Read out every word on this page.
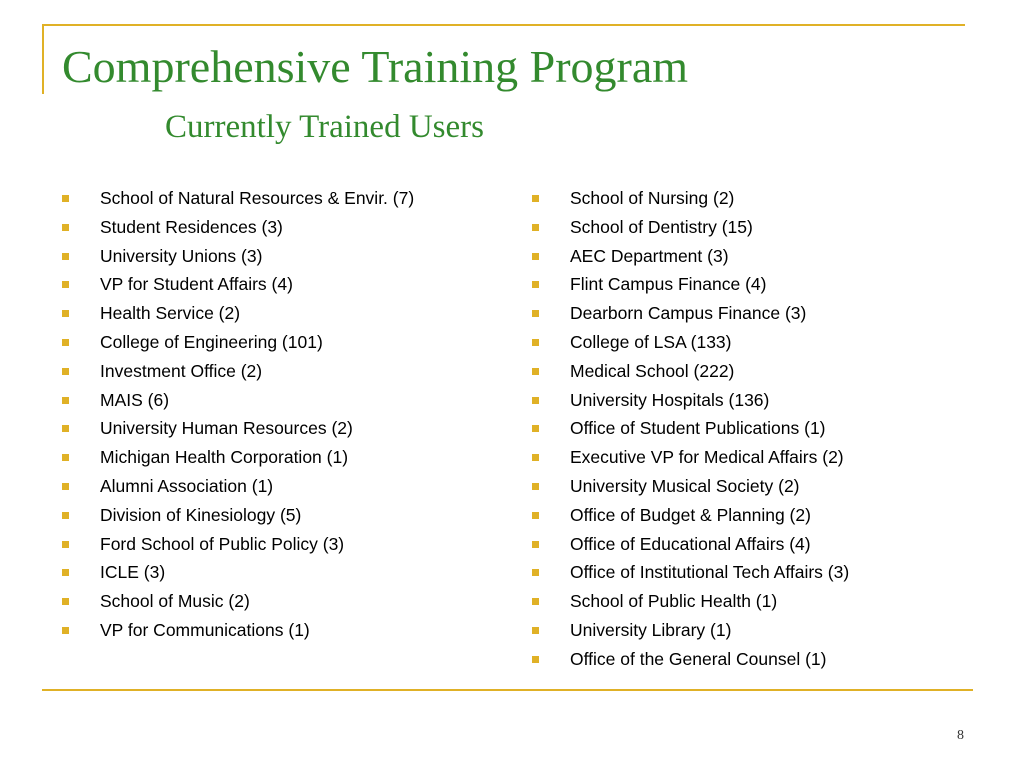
Comprehensive Training Program
Currently Trained Users
School of Natural Resources & Envir. (7)
Student Residences (3)
University Unions (3)
VP for Student Affairs (4)
Health Service (2)
College of Engineering (101)
Investment Office (2)
MAIS (6)
University Human Resources (2)
Michigan Health Corporation (1)
Alumni Association (1)
Division of Kinesiology (5)
Ford School of Public Policy (3)
ICLE (3)
School of Music (2)
VP for Communications (1)
School of Nursing (2)
School of Dentistry (15)
AEC Department (3)
Flint Campus Finance (4)
Dearborn Campus Finance (3)
College of LSA (133)
Medical School (222)
University Hospitals (136)
Office of Student Publications (1)
Executive VP for Medical Affairs (2)
University Musical Society (2)
Office of Budget & Planning (2)
Office of Educational Affairs (4)
Office of Institutional Tech Affairs (3)
School of Public Health (1)
University Library (1)
Office of the General Counsel (1)
8
